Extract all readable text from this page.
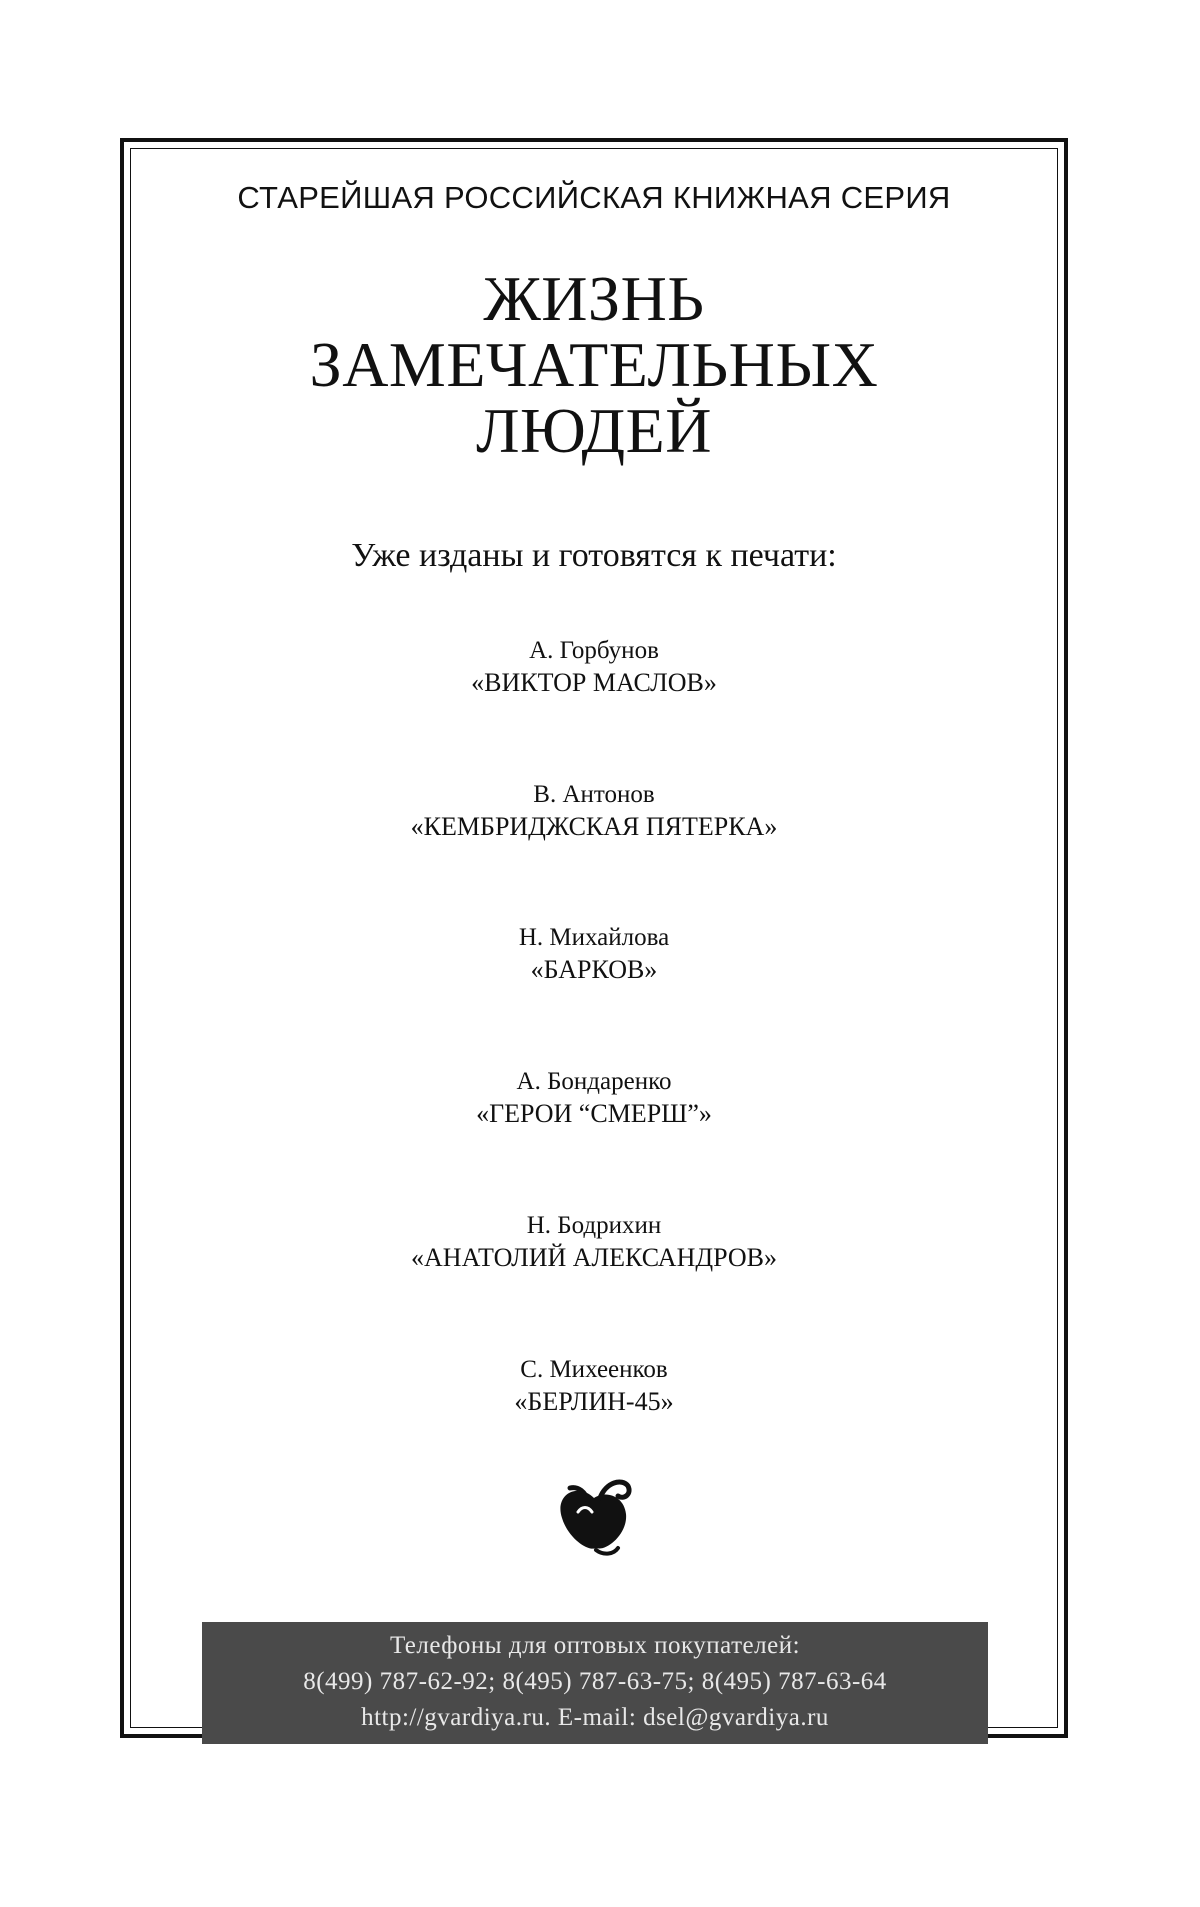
СТАРЕЙШАЯ РОССИЙСКАЯ КНИЖНАЯ СЕРИЯ
ЖИЗНЬ
ЗАМЕЧАТЕЛЬНЫХ
ЛЮДЕЙ
Уже изданы и готовятся к печати:
А. Горбунов
«ВИКТОР МАСЛОВ»
В. Антонов
«КЕМБРИДЖСКАЯ ПЯТЕРКА»
Н. Михайлова
«БАРКОВ»
А. Бондаренко
«ГЕРОИ “СМЕРШ”»
Н. Бодрихин
«АНАТОЛИЙ АЛЕКСАНДРОВ»
С. Михеенков
«БЕРЛИН-45»
Телефоны для оптовых покупателей:
8(499) 787-62-92; 8(495) 787-63-75; 8(495) 787-63-64
http://gvardiya.ru. E-mail: dsel@gvardiya.ru
